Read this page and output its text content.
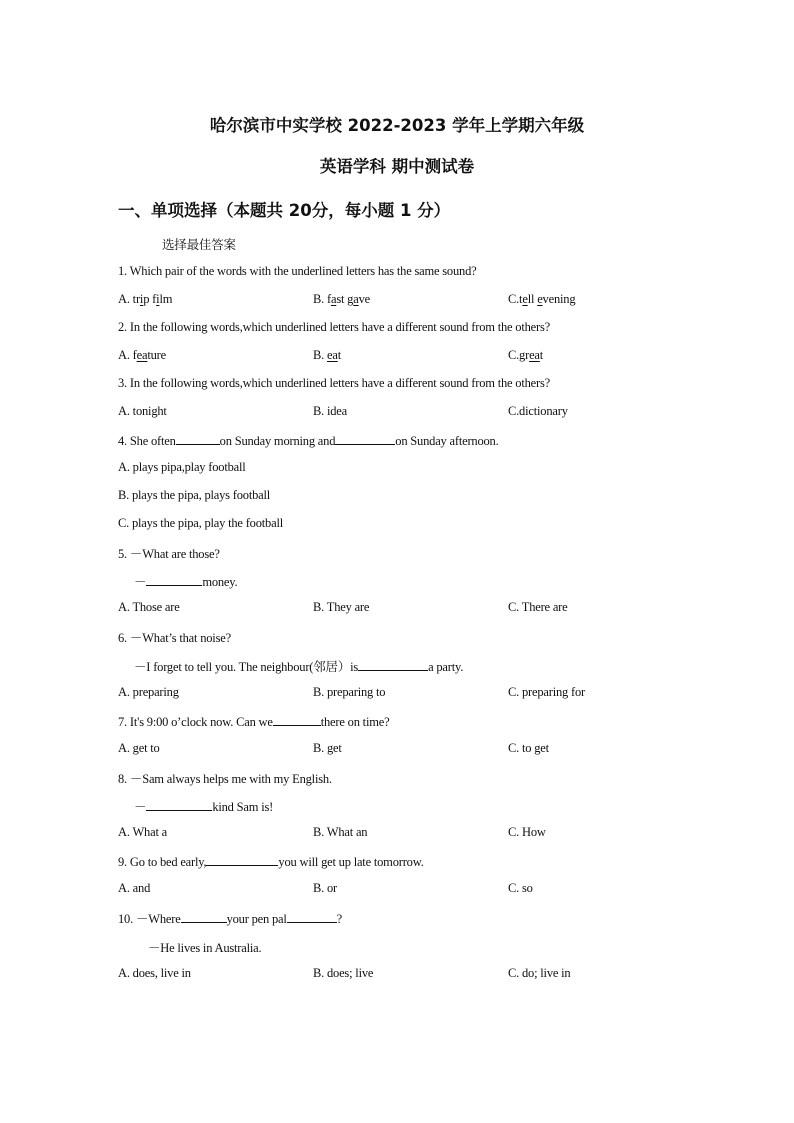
哈尔滨市中实学校 2022-2023 学年上学期六年级
英语学科 期中测试卷
一、单项选择（本题共 20分，每小题 1 分）
选择最佳答案
1. Which pair of the words with the underlined letters has the same sound?
A. trip film	B. fast gave	C.tell evening
2. In the following words,which underlined letters have a different sound from the others?
A. feature	B. eat	C.great
3. In the following words,which underlined letters have a different sound from the others?
A. tonight	B. idea	C.dictionary
4. She often	on Sunday morning and	on Sunday afternoon.
A. plays pipa,play football
B. plays the pipa, plays football
C. plays the pipa, play the football
5. －What are those?
－	money.
A. Those are	B. They are	C. There are
6. －What’s that noise?
－I forget to tell you. The neighbour(邻居）is	a party.
A. preparing	B. preparing to	C. preparing for
7. It's 9:00 o’clock now. Can we	there on time?
A. get to	B. get	C. to get
8. －Sam always helps me with my English.
－	kind Sam is!
A. What a	B. What an	C. How
9. Go to bed early,	you will get up late tomorrow.
A. and	B. or	C. so
10. －Where	your pen pal	?
－He lives in Australia.
A. does, live in	B. does; live	C. do; live in
